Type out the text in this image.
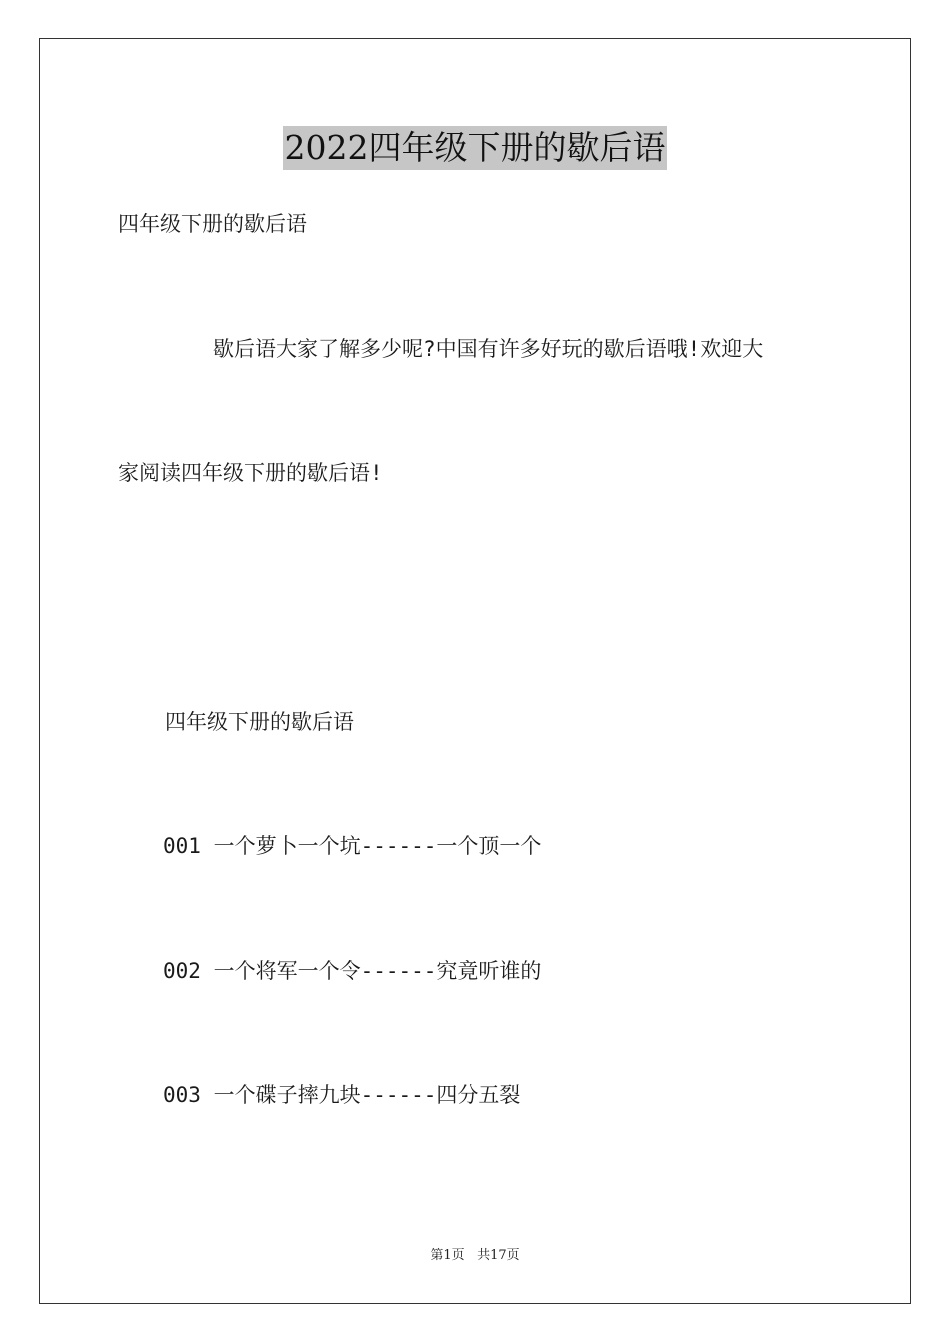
2022四年级下册的歇后语
四年级下册的歇后语
歇后语大家了解多少呢?中国有许多好玩的歇后语哦!欢迎大
家阅读四年级下册的歇后语!
四年级下册的歇后语
001 一个萝卜一个坑------一个顶一个
002 一个将军一个令------究竟听谁的
003 一个碟子摔九块------四分五裂
第1页 共17页
